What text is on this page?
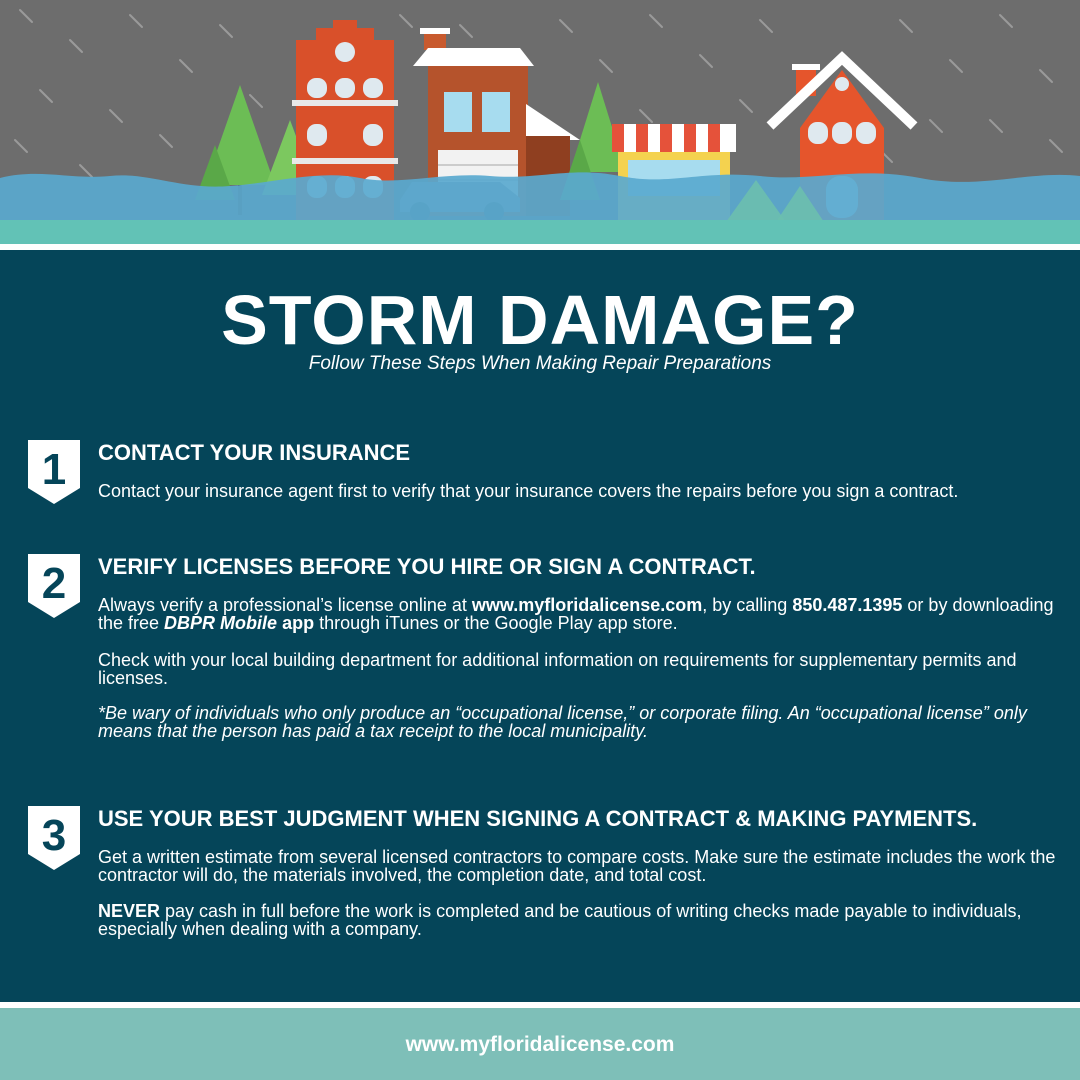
STORM DAMAGE?
Follow These Steps When Making Repair Preparations
1	CONTACT YOUR INSURANCE
Contact your insurance agent first to verify that your insurance covers the repairs before you sign a contract.
2	VERIFY LICENSES BEFORE YOU HIRE OR SIGN A CONTRACT.
Always verify a professional’s license online at www.myfloridalicense.com, by calling 850.487.1395 or by downloading the free DBPR Mobile app through iTunes or the Google Play app store.
Check with your local building department for additional information on requirements for supplementary permits and licenses.
*Be wary of individuals who only produce an “occupational license,” or corporate filing. An “occupational license” only means that the person has paid a tax receipt to the local municipality.
3	USE YOUR BEST JUDGMENT WHEN SIGNING A CONTRACT & MAKING PAYMENTS.
Get a written estimate from several licensed contractors to compare costs. Make sure the estimate includes the work the contractor will do, the materials involved, the completion date, and total cost.
NEVER pay cash in full before the work is completed and be cautious of writing checks made payable to individuals, especially when dealing with a company.
www.myfloridalicense.com
